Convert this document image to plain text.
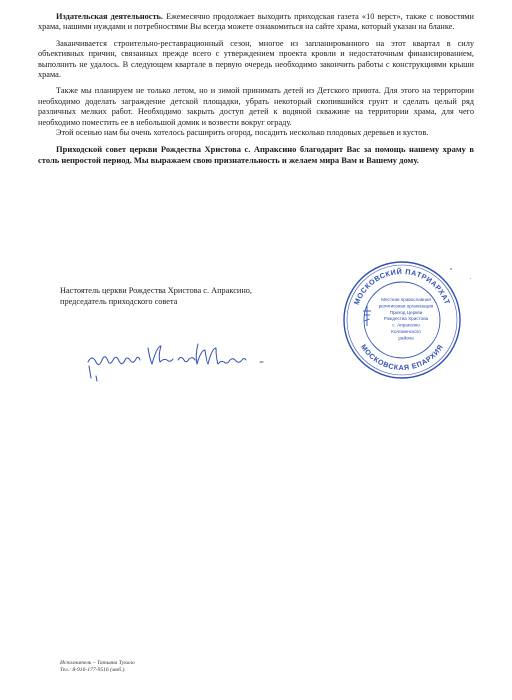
Издательская деятельность. Ежемесячно продолжает выходить приходская газета «10 верст», также с новостями храма, нашими нуждами и потребностями Вы всегда можете ознакомиться на сайте храма, который указан на бланке.

Заканчивается строительно-реставрационный сезон, многое из запланированного на этот квартал в силу объективных причин, связанных прежде всего с утверждением проекта кровли и недостаточным финансированием, выполнить не удалось. В следующем квартале в первую очередь необходимо закончить работы с конструкциями крыши храма.

Также мы планируем не только летом, но и зимой принимать детей из Детского приюта. Для этого на территории необходимо доделать заграждение детской площадки, убрать некоторый скопившийся грунт и сделать целый ряд различных мелких работ. Необходимо закрыть доступ детей к водяной скважине на территории храма, для чего необходимо поместить ее в небольшой домик и возвести вокруг ограду.

Этой осенью нам бы очень хотелось расширить огород, посадить несколько плодовых деревьев и кустов.

Приходской совет церкви Рождества Христова с. Апраксино благодарит Вас за помощь нашему храму в столь непростой период. Мы выражаем свою признательность и желаем мира Вам и Вашему дому.

Настоятель церкви Рождества Христова с. Апраксино,
председатель приходского совета	МОСКОВСКИЙ ПАТРИАРХАТ
МОСКОВСКАЯ ЕПАРХИЯ
Местная православная
религиозная организация
Приход Церкви
Рождества Христова
с. Апраксино
Коломенского
района
Исполнитель – Татьяна Тукало
Тел.: 8-916-177-9516 (моб.).
